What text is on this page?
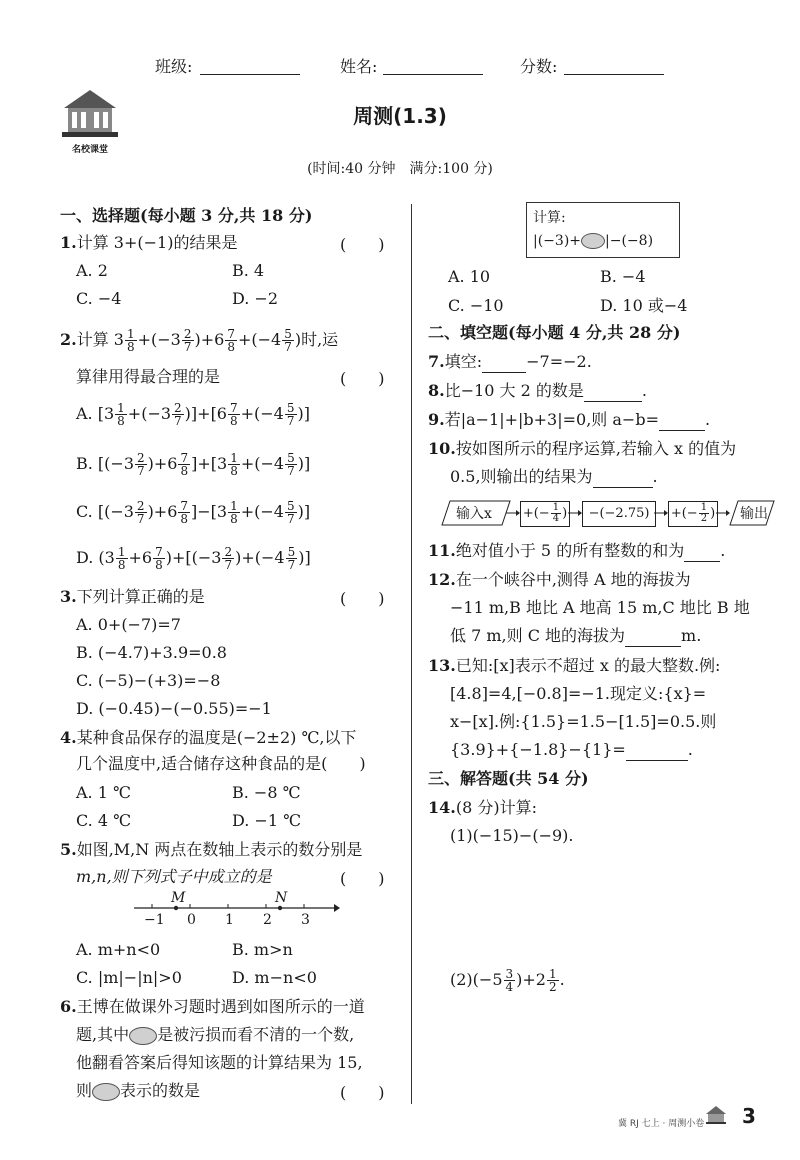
班级:	姓名:	分数:
名校课堂
周测(1.3)
(时间:40 分钟　满分:100 分)
一、选择题(每小题 3 分,共 18 分)
1.计算 3+(−1)的结果是	(　　)
A. 2	B. 4
C. −4	D. −2
2.计算 $3 \frac{1}{8} +(-3 \frac{2}{7} )+6 \frac{7}{8} +(-4 \frac{5}{7}$ )时,运
算律用得最合理的是	(　　)
A. $[3 \frac{1}{8} +(-3 \frac{2}{7} )]+[6 \frac{7}{8} +(-4 \frac{5}{7}$ )]
B. $[(-3 \frac{2}{7} )+6 \frac{7}{8} ]+[3 \frac{1}{8} +(-4 \frac{5}{7}$ )]
C. $[(-3 \frac{2}{7} )+6 \frac{7}{8} ]-[3 \frac{1}{8} +(-4 \frac{5}{7}$ )]
D. $(3 \frac{1}{8} +6 \frac{7}{8} )+[(-3 \frac{2}{7} )+(-4 \frac{5}{7}$ )]
3.下列计算正确的是	(　　)
A. 0+(−7)=7
B. (−4.7)+3.9=0.8
C. (−5)−(+3)=−8
D. (−0.45)−(−0.55)=−1
4.某种食品保存的温度是(−2±2) ℃,以下
几个温度中,适合储存这种食品的是(　　)
A. 1 ℃	B. −8 ℃
C. 4 ℃	D. −1 ℃
5.如图,M,N 两点在数轴上表示的数分别是
m,n,则下列式子中成立的是	(　　)
M	N
−1 0 1 2 3
A. m+n<0	B. m>n
C. |m|−|n|>0	D. m−n<0
6.王博在做课外习题时遇到如图所示的一道
题,其中 是被污损而看不清的一个数,
他翻看答案后得知该题的计算结果为 15,
则 表示的数是	(　　)
计算:
|(−3)+ |−(−8)
A. 10	B. −4
C. −10	D. 10 或−4
二、填空题(每小题 4 分,共 28 分)
7.填空:	−7=−2.
8.比−10 大 2 的数是	.
9.若|a−1|+|b+3|=0,则 a−b=	.
10.按如图所示的程序运算,若输入 x 的值为
0.5,则输出的结果为	.
输入x +(− $\frac{1}{4}$ )	−(−2.75)	+(− $\frac{1}{2}$ ) 输出
11.绝对值小于 5 的所有整数的和为 .
12.在一个峡谷中,测得 A 地的海拔为
−11 m,B 地比 A 地高 15 m,C 地比 B 地
低 7 m,则 C 地的海拔为	m.
13.已知:[x]表示不超过 x 的最大整数.例:
[4.8]=4,[−0.8]=−1.现定义:{x}=
x−[x].例:{1.5}=1.5−[1.5]=0.5.则
{3.9}+{−1.8}−{1}=	.
三、解答题(共 54 分)
14.(8 分)计算:
(1)(−15)−(−9).
$(2)(-5 \frac{3}{4} )+2 \frac{1}{2}$ .
冀 RJ 七上 · 周测小卷 3
